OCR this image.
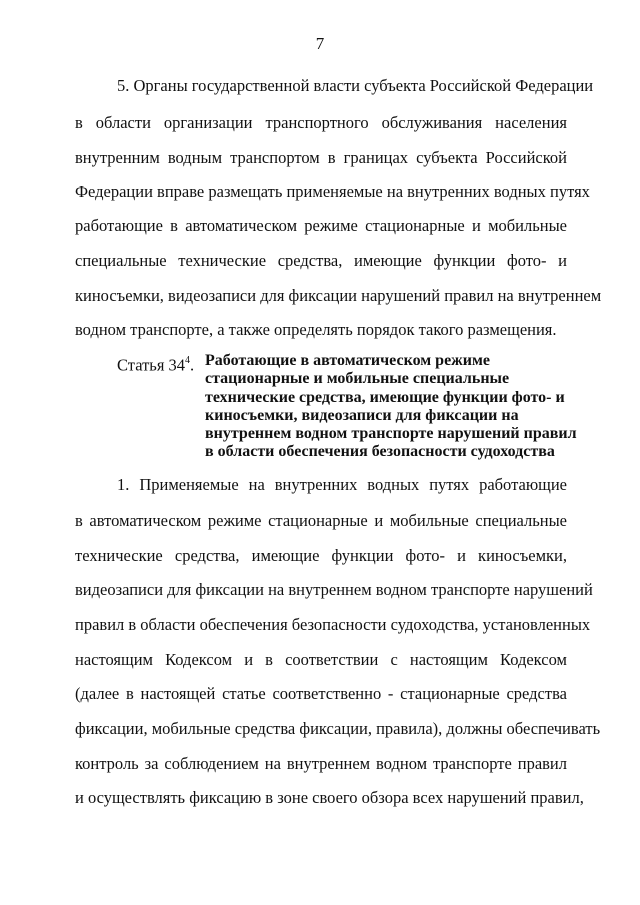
7
5. Органы государственной власти субъекта Российской Федерации
в области организации транспортного обслуживания населения
внутренним водным транспортом в границах субъекта Российской
Федерации вправе размещать применяемые на внутренних водных путях
работающие в автоматическом режиме стационарные и мобильные
специальные технические средства, имеющие функции фото- и
киносъемки, видеозаписи для фиксации нарушений правил на внутреннем
водном транспорте, а также определять порядок такого размещения.
Статья $34^4$. Работающие в автоматическом режиме
стационарные и мобильные специальные
технические средства, имеющие функции фото- и
киносъемки, видеозаписи для фиксации на
внутреннем водном транспорте нарушений правил
в области обеспечения безопасности судоходства
1. Применяемые на внутренних водных путях работающие
в автоматическом режиме стационарные и мобильные специальные
технические средства, имеющие функции фото- и киносъемки,
видеозаписи для фиксации на внутреннем водном транспорте нарушений
правил в области обеспечения безопасности судоходства, установленных
настоящим Кодексом и в соответствии с настоящим Кодексом
(далее в настоящей статье соответственно - стационарные средства
фиксации, мобильные средства фиксации, правила), должны обеспечивать
контроль за соблюдением на внутреннем водном транспорте правил
и осуществлять фиксацию в зоне своего обзора всех нарушений правил,
